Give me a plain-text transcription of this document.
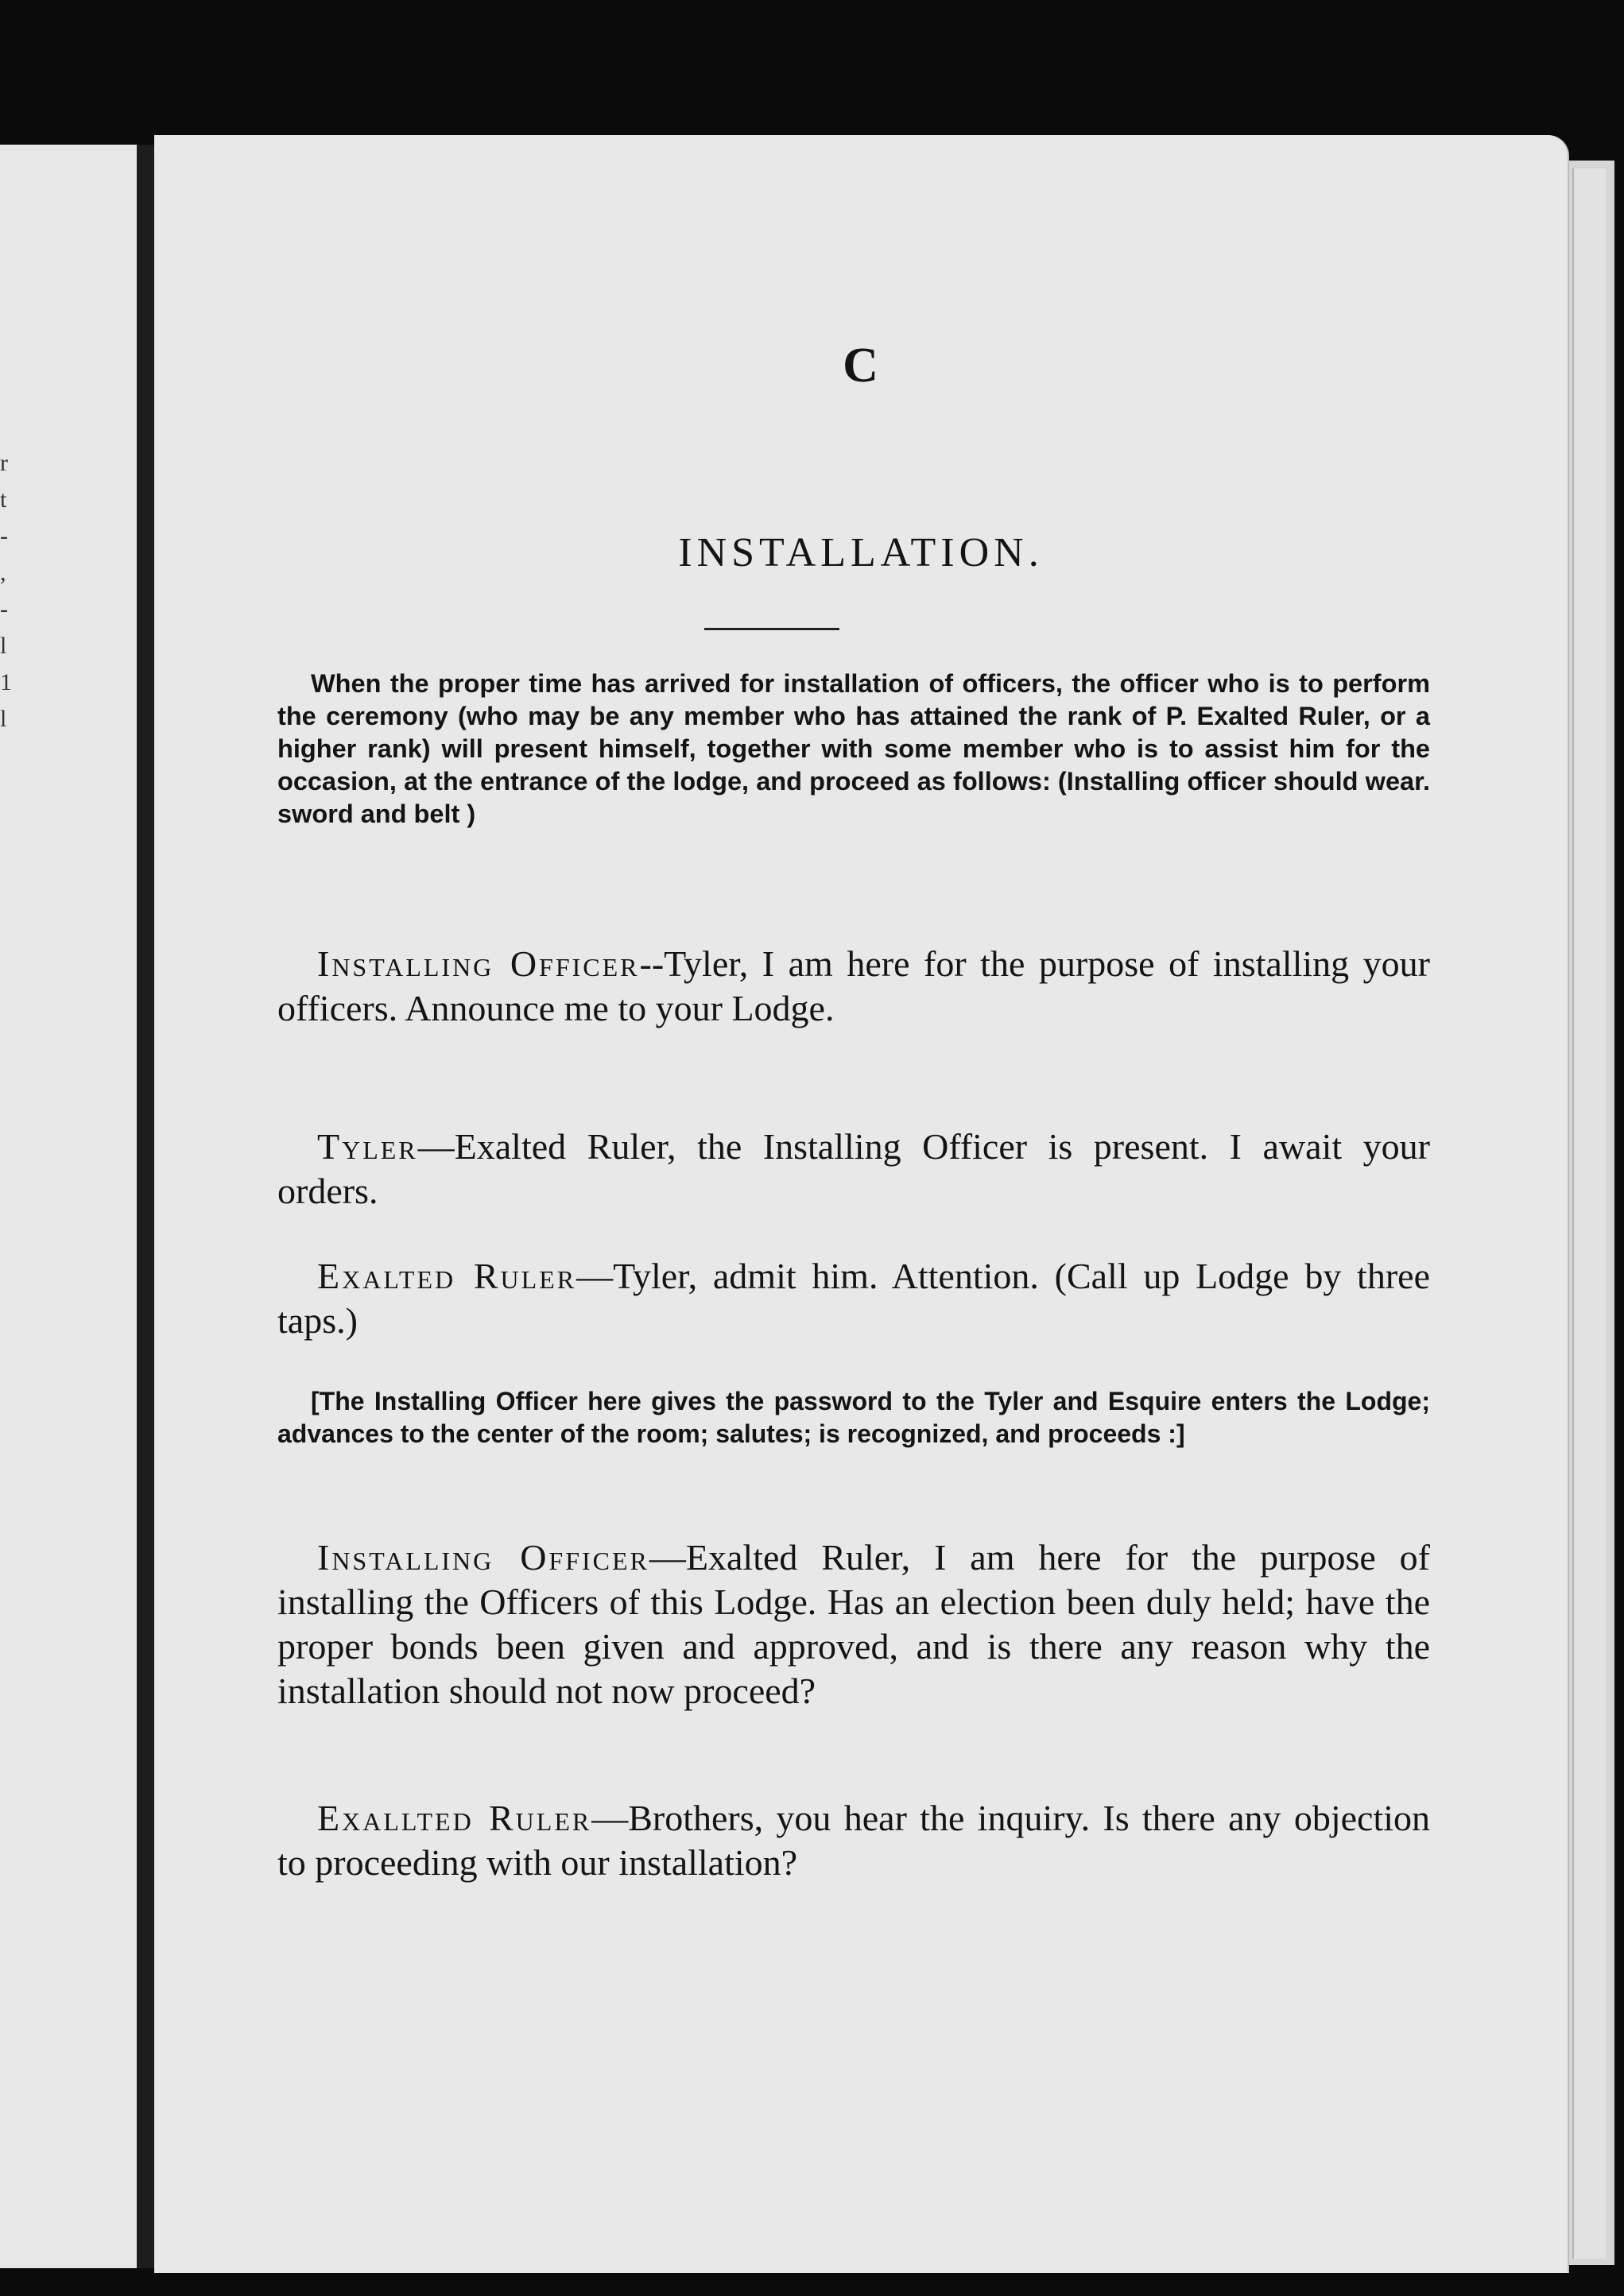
r
t
-
,
-
l
1
l
C
INSTALLATION.

When the proper time has arrived for installation of officers, the officer who is to perform the ceremony (who may be any member who has attained the rank of P. Exalted Ruler, or a higher rank) will present himself, together with some member who is to assist him for the occasion, at the entrance of the lodge, and proceed as follows: (Installing officer should wear. sword and belt )

Installing Officer--Tyler, I am here for the purpose of installing your officers. Announce me to your Lodge.

Tyler—Exalted Ruler, the Installing Officer is present. I await your orders.

Exalted Ruler—Tyler, admit him. Attention. (Call up Lodge by three taps.)

[The Installing Officer here gives the password to the Tyler and Esquire enters the Lodge; advances to the center of the room; salutes; is recognized, and proceeds :]

Installing Officer—Exalted Ruler, I am here for the purpose of installing the Officers of this Lodge. Has an election been duly held; have the proper bonds been given and approved, and is there any reason why the installation should not now proceed?

Exallted Ruler—Brothers, you hear the inquiry. Is there any objection to proceeding with our installation?
